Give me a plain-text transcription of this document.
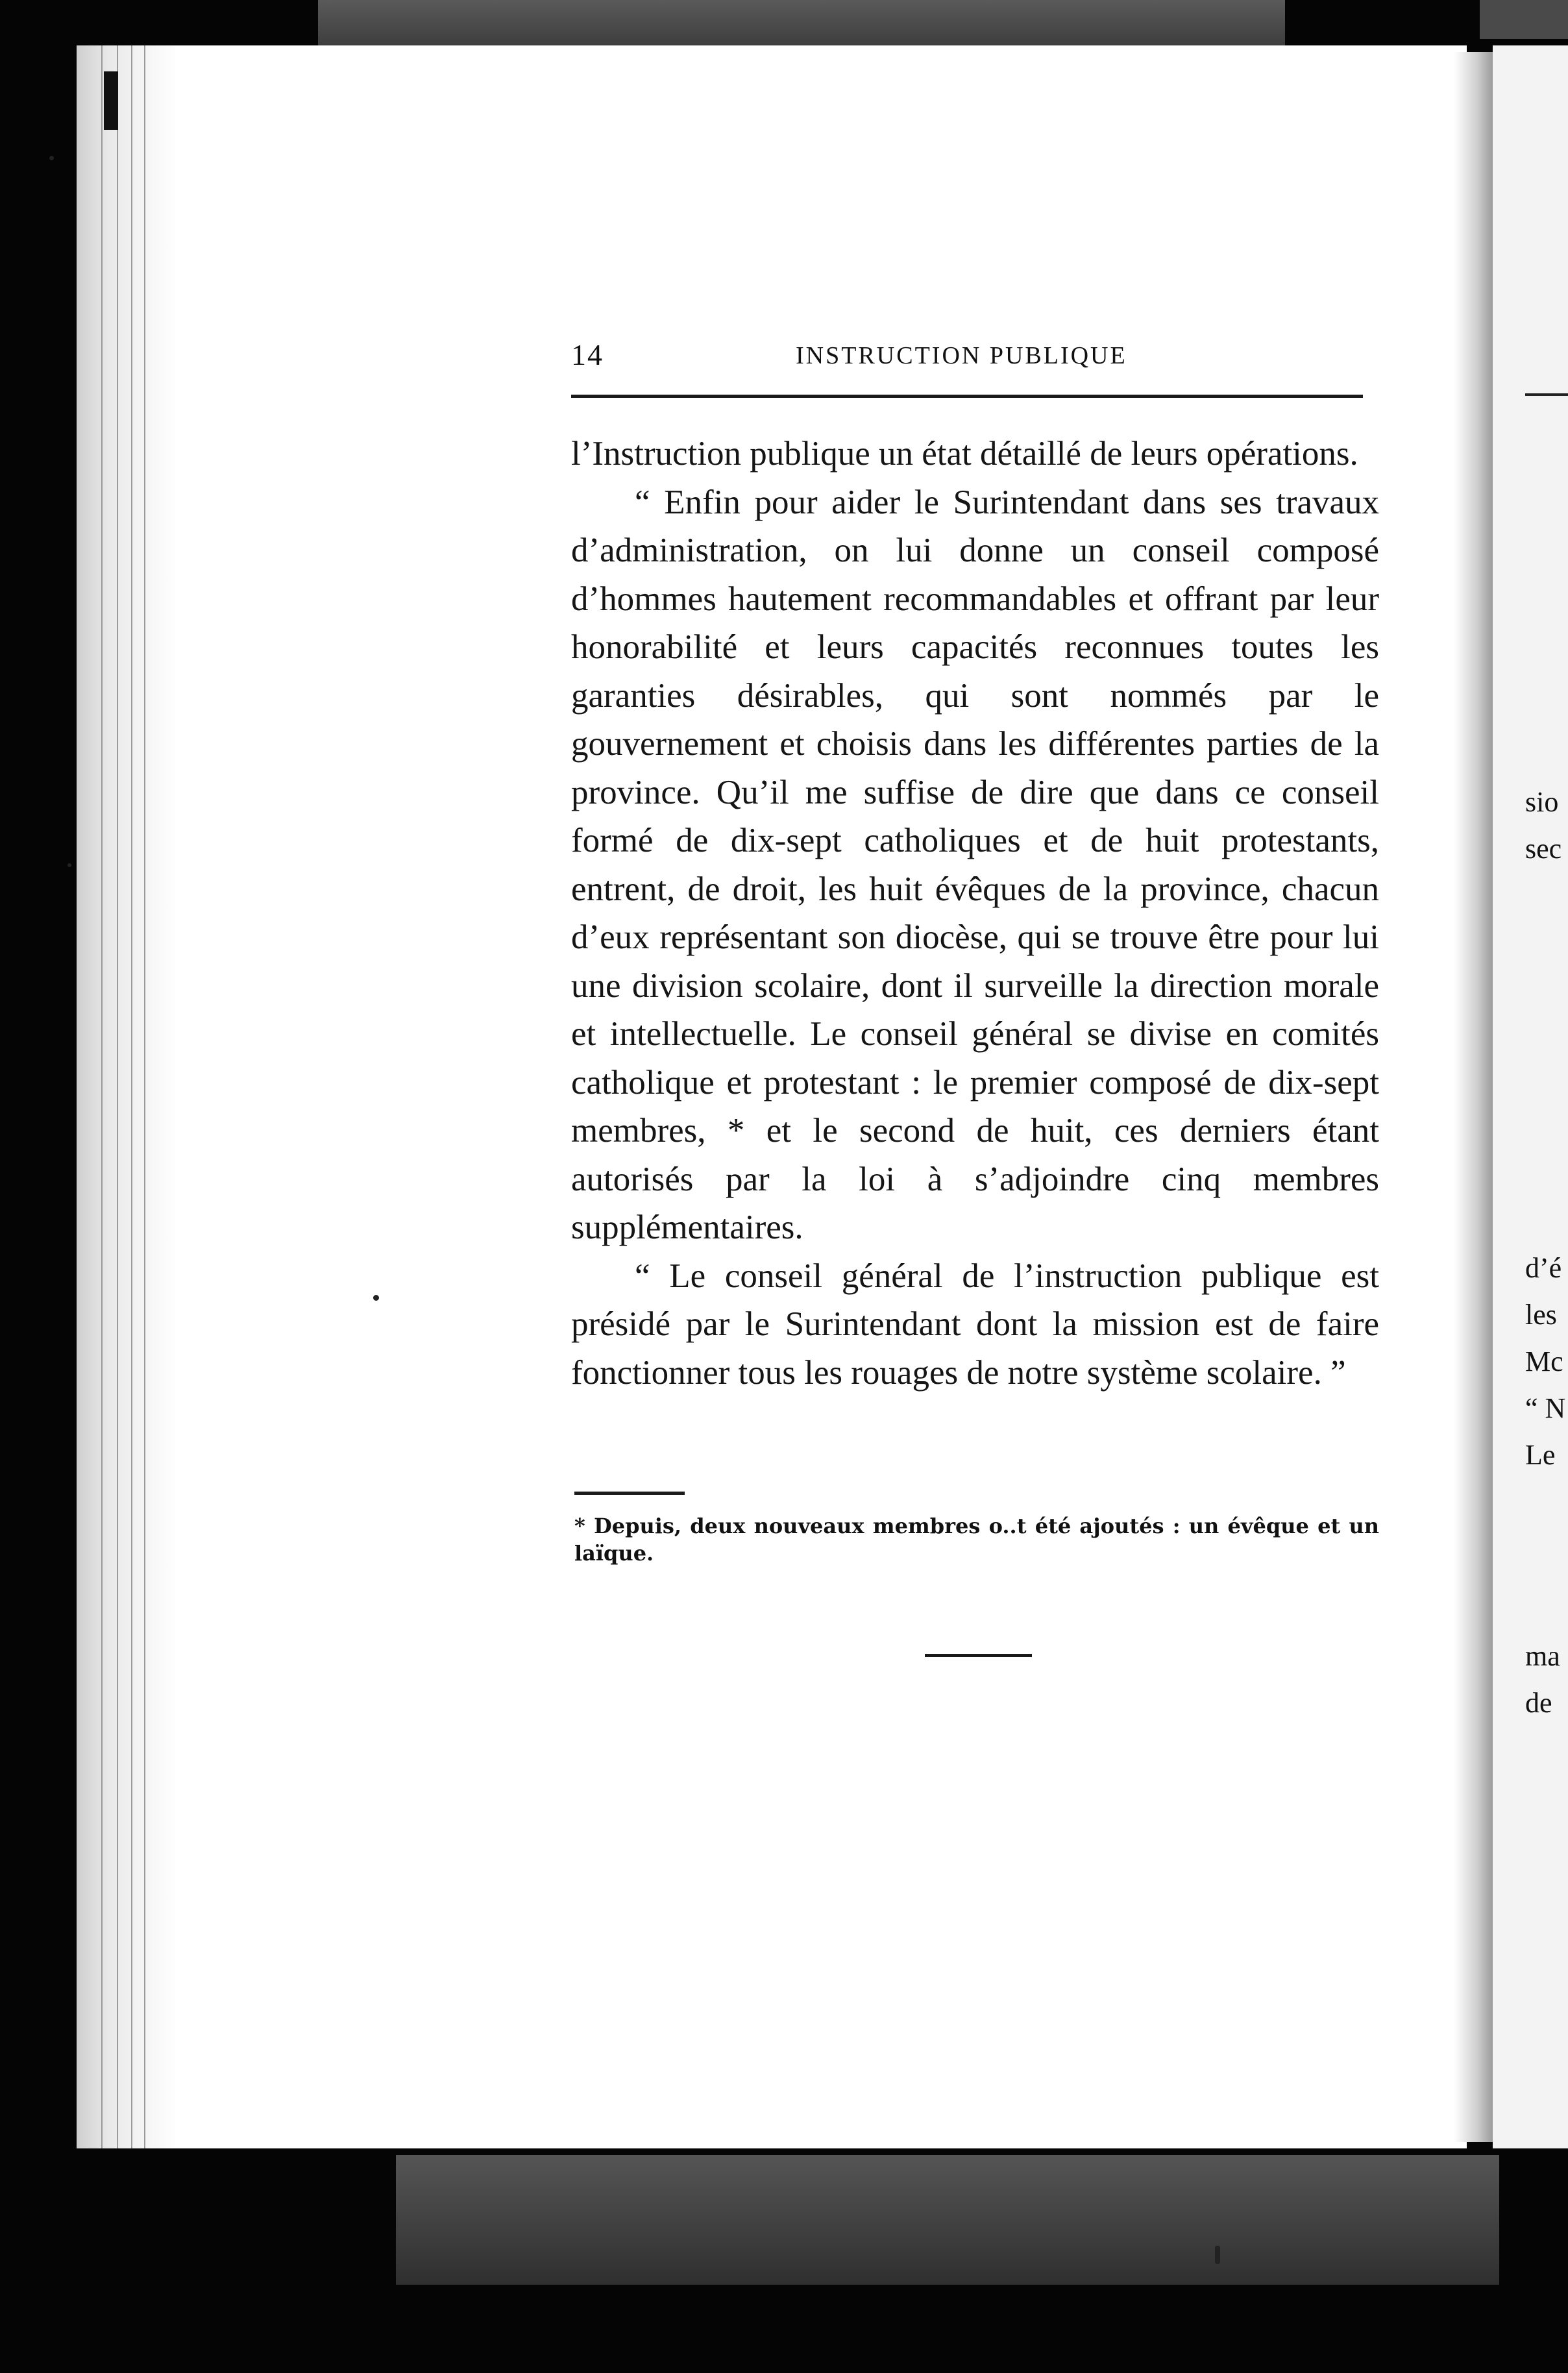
sio
sec
d’é
les
Mc
“ N
Le
ma
de
14	INSTRUCTION PUBLIQUE

l’Instruction publique un état détaillé de leurs opérations.

“ Enfin pour aider le Surintendant dans ses travaux d’administration, on lui donne un conseil composé d’hommes hautement recommandables et offrant par leur honorabilité et leurs capacités reconnues toutes les garanties désirables, qui sont nommés par le gouvernement et choisis dans les différentes parties de la province. Qu’il me suffise de dire que dans ce conseil formé de dix-sept catholiques et de huit protestants, entrent, de droit, les huit évêques de la province, chacun d’eux représentant son diocèse, qui se trouve être pour lui une division scolaire, dont il surveille la direction morale et intellectuelle. Le conseil général se divise en comités catholique et protestant : le premier composé de dix-sept membres, * et le second de huit, ces derniers étant autorisés par la loi à s’adjoindre cinq membres supplémentaires.

“ Le conseil général de l’instruction publique est présidé par le Surintendant dont la mission est de faire fonctionner tous les rouages de notre système scolaire. ”

* Depuis, deux nouveaux membres o..t été ajoutés : un évêque et un laïque.
